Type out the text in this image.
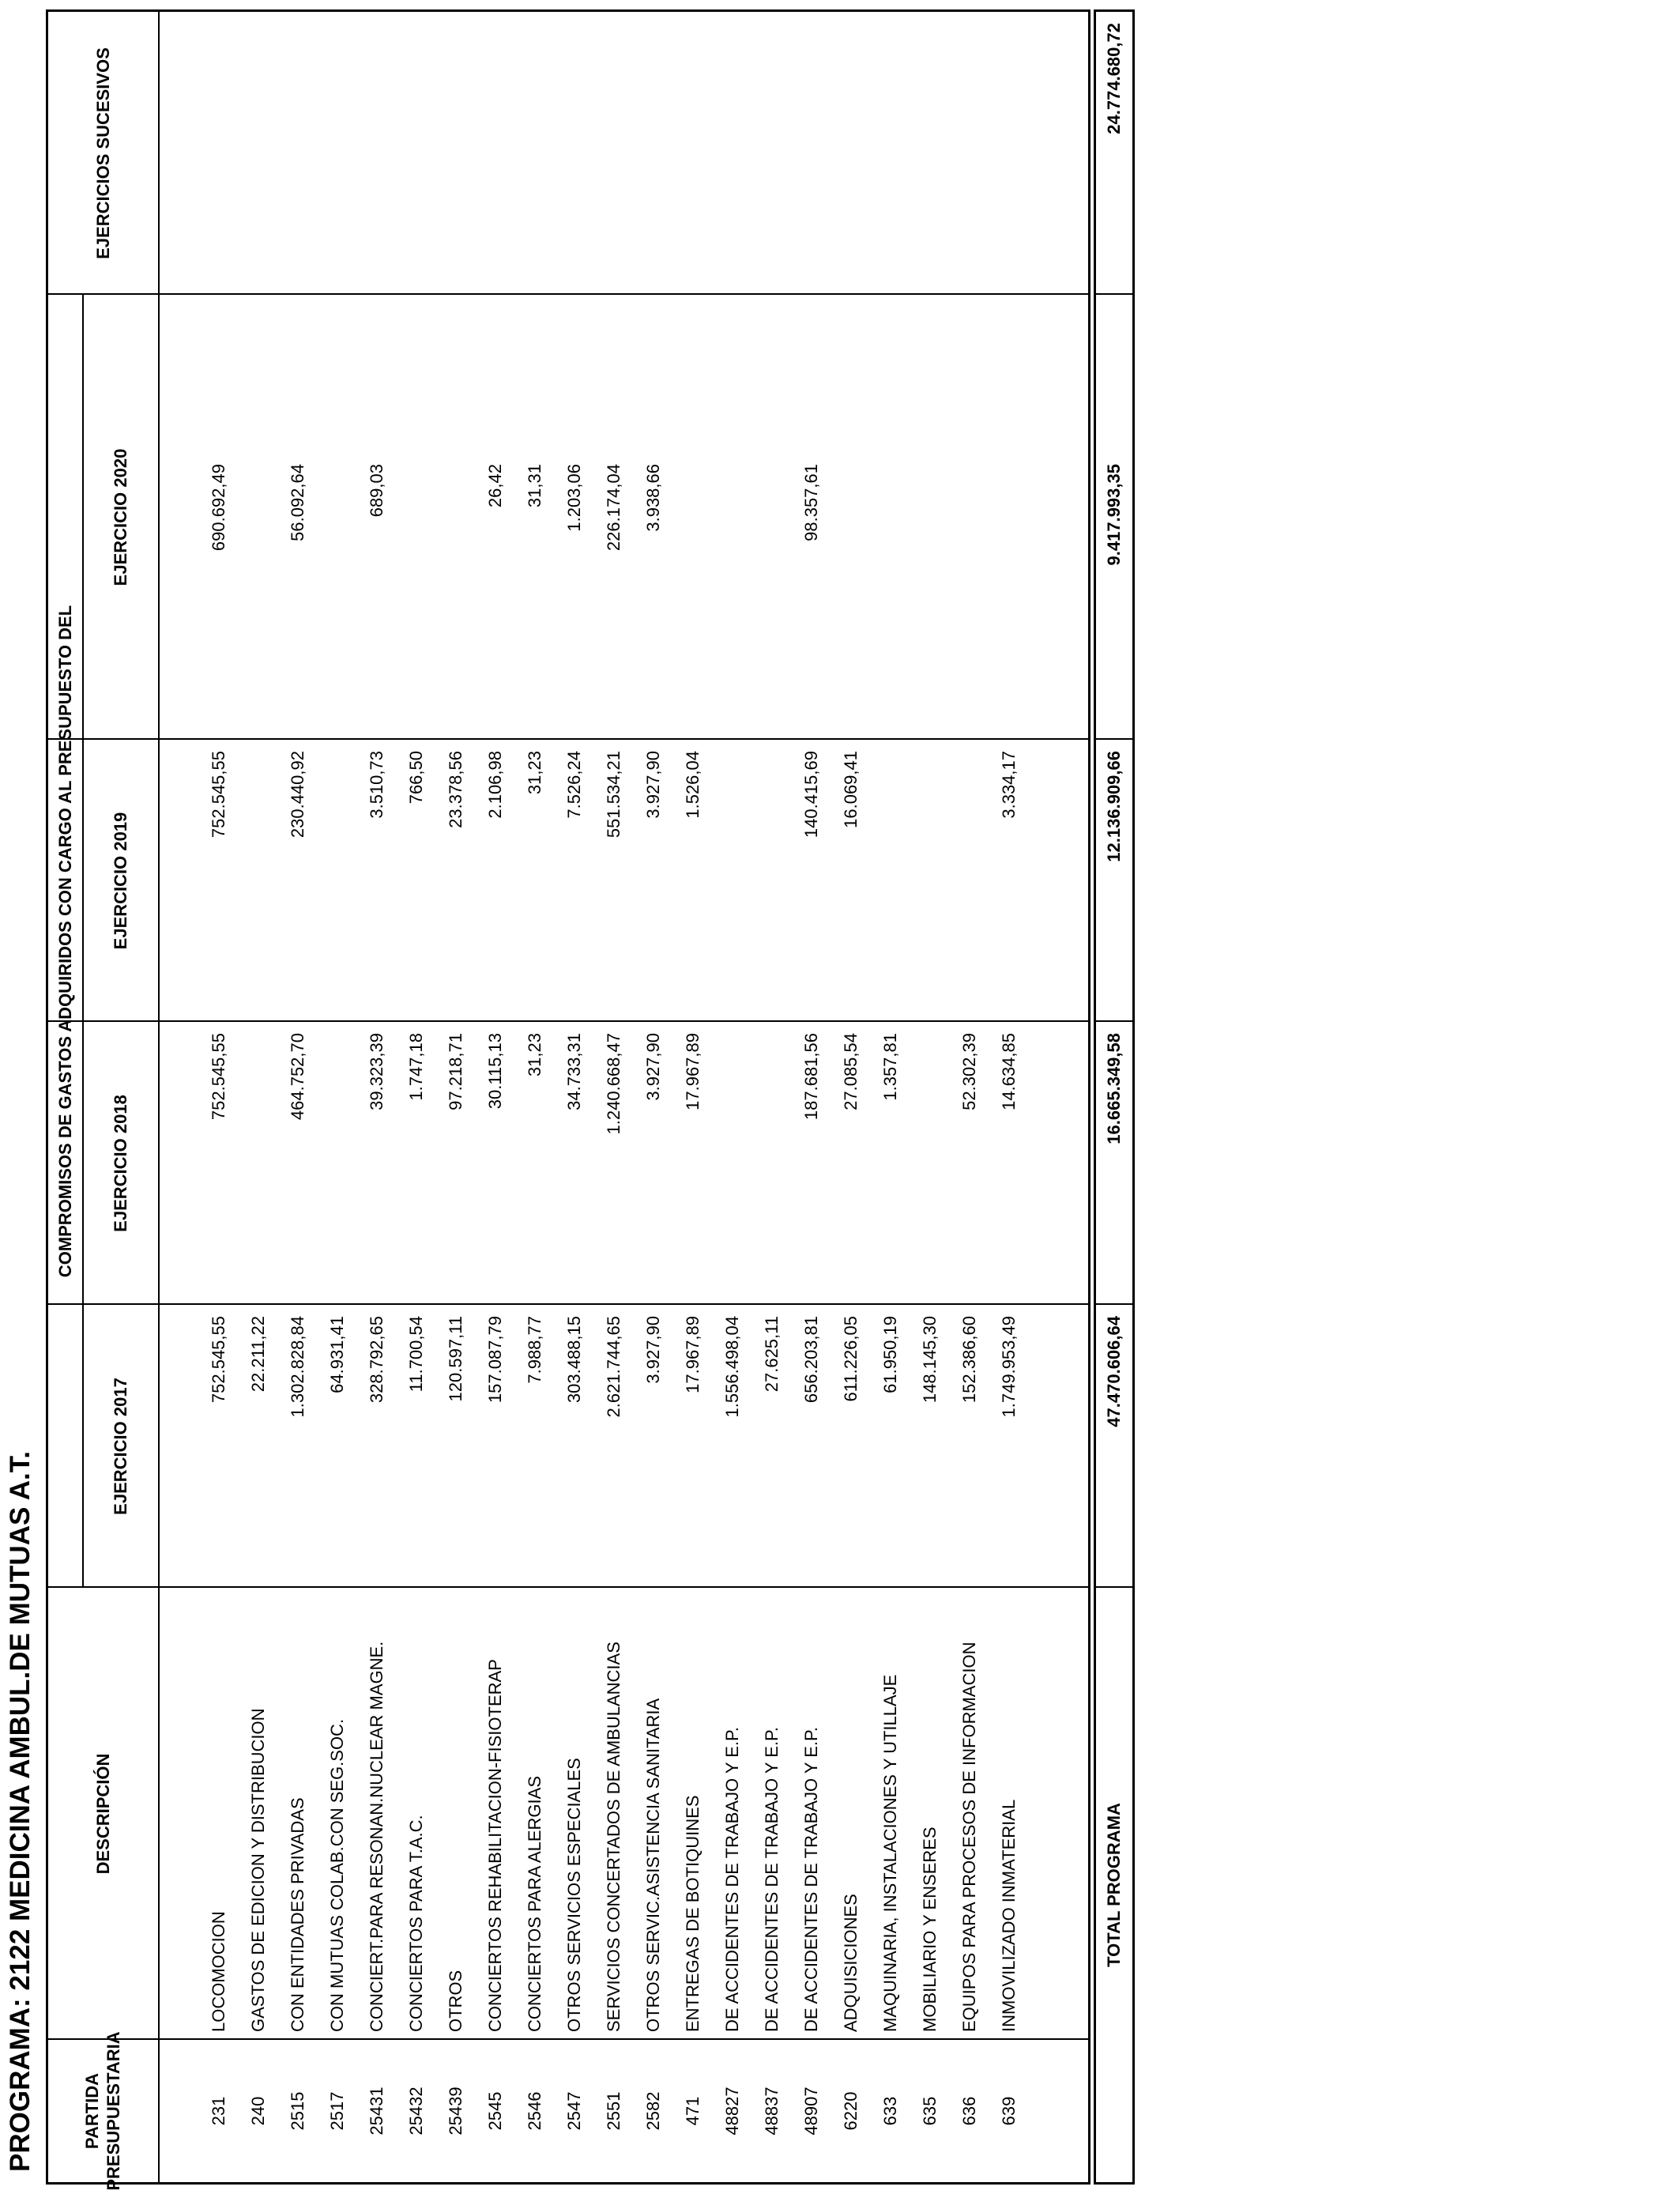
PROGRAMA: 2122 MEDICINA AMBUL.DE MUTUAS A.T.	PARTIDA PRESUPUESTARIA
DESCRIPCIÓN
COMPROMISOS DE GASTOS ADQUIRIDOS CON CARGO AL PRESUPUESTO DEL
EJERCICIO 2017
EJERCICIO 2018
EJERCICIO 2019
EJERCICIO 2020
EJERCICIOS SUCESIVOS
231
LOCOMOCION
752.545,55
752.545,55
752.545,55
690.692,49
240
GASTOS DE EDICION Y DISTRIBUCION
22.211,22
2515
CON ENTIDADES PRIVADAS
1.302.828,84
464.752,70
230.440,92
56.092,64
2517
CON MUTUAS COLAB.CON SEG.SOC.
64.931,41
25431
CONCIERT.PARA RESONAN.NUCLEAR MAGNE.
328.792,65
39.323,39
3.510,73
689,03
25432
CONCIERTOS PARA T.A.C.
11.700,54
1.747,18
766,50
25439
OTROS
120.597,11
97.218,71
23.378,56
2545
CONCIERTOS REHABILITACION-FISIOTERAP
157.087,79
30.115,13
2.106,98
26,42
2546
CONCIERTOS PARA ALERGIAS
7.988,77
31,23
31,23
31,31
2547
OTROS SERVICIOS ESPECIALES
303.488,15
34.733,31
7.526,24
1.203,06
2551
SERVICIOS CONCERTADOS DE AMBULANCIAS
2.621.744,65
1.240.668,47
551.534,21
226.174,04
2582
OTROS SERVIC.ASISTENCIA SANITARIA
3.927,90
3.927,90
3.927,90
3.938,66
471
ENTREGAS DE BOTIQUINES
17.967,89
17.967,89
1.526,04
48827
DE ACCIDENTES DE TRABAJO Y E.P.
1.556.498,04
48837
DE ACCIDENTES DE TRABAJO Y E.P.
27.625,11
48907
DE ACCIDENTES DE TRABAJO Y E.P.
656.203,81
187.681,56
140.415,69
98.357,61
6220
ADQUISICIONES
611.226,05
27.085,54
16.069,41
633
MAQUINARIA, INSTALACIONES Y UTILLAJE
61.950,19
1.357,81
635
MOBILIARIO Y ENSERES
148.145,30
636
EQUIPOS PARA PROCESOS DE INFORMACION
152.386,60
52.302,39
639
INMOVILIZADO INMATERIAL
1.749.953,49
14.634,85
3.334,17
TOTAL PROGRAMA
47.470.606,64
16.665.349,58
12.136.909,66
9.417.993,35
24.774.680,72
